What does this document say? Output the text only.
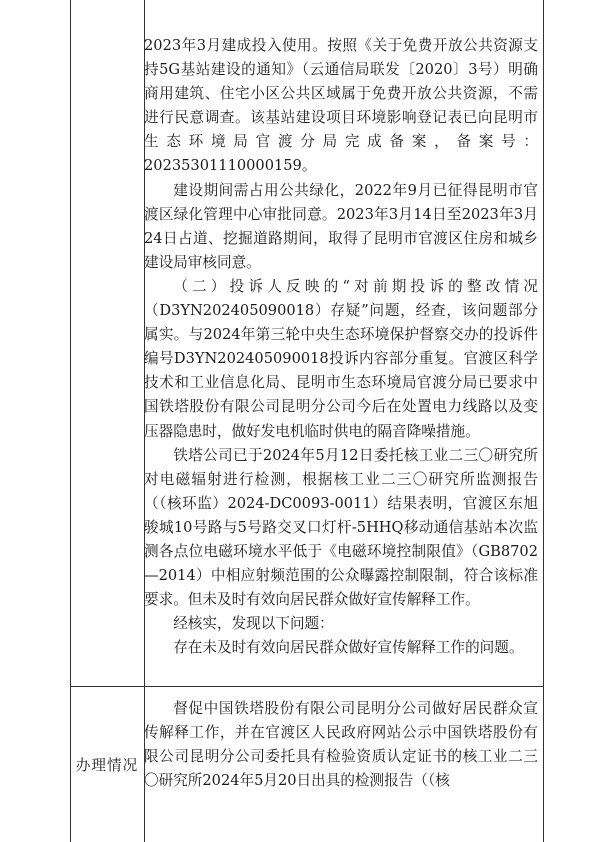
2023年3月建成投入使用。按照《关于免费开放公共资源支持5G基站建设的通知》（云通信局联发〔2020〕3号）明确商用建筑、住宅小区公共区域属于免费开放公共资源，不需进行民意调查。该基站建设项目环境影响登记表已向昆明市生态环境局官渡分局完成备案，备案号：20235301110000159。

建设期间需占用公共绿化，2022年9月已征得昆明市官渡区绿化管理中心审批同意。2023年3月14日至2023年3月24日占道、挖掘道路期间，取得了昆明市官渡区住房和城乡建设局审核同意。

（二）投诉人反映的“对前期投诉的整改情况（D3YN202405090018）存疑”问题，经查，该问题部分属实。与2024年第三轮中央生态环境保护督察交办的投诉件编号D3YN202405090018投诉内容部分重复。官渡区科学技术和工业信息化局、昆明市生态环境局官渡分局已要求中国铁塔股份有限公司昆明分公司今后在处置电力线路以及变压器隐患时，做好发电机临时供电的隔音降噪措施。

铁塔公司已于2024年5月12日委托核工业二三〇研究所对电磁辐射进行检测，根据核工业二三〇研究所监测报告（（核环监）2024-DC0093-0011）结果表明，官渡区东旭骏城10号路与5号路交叉口灯杆-5HHQ移动通信基站本次监测各点位电磁环境水平低于《电磁环境控制限值》（GB8702—2014）中相应射频范围的公众曝露控制限制，符合该标准要求。但未及时有效向居民群众做好宣传解释工作。

经核实，发现以下问题：

存在未及时有效向居民群众做好宣传解释工作的问题。

办理情况

督促中国铁塔股份有限公司昆明分公司做好居民群众宣传解释工作，并在官渡区人民政府网站公示中国铁塔股份有限公司昆明分公司委托具有检验资质认定证书的核工业二三〇研究所2024年5月20日出具的检测报告（（核
